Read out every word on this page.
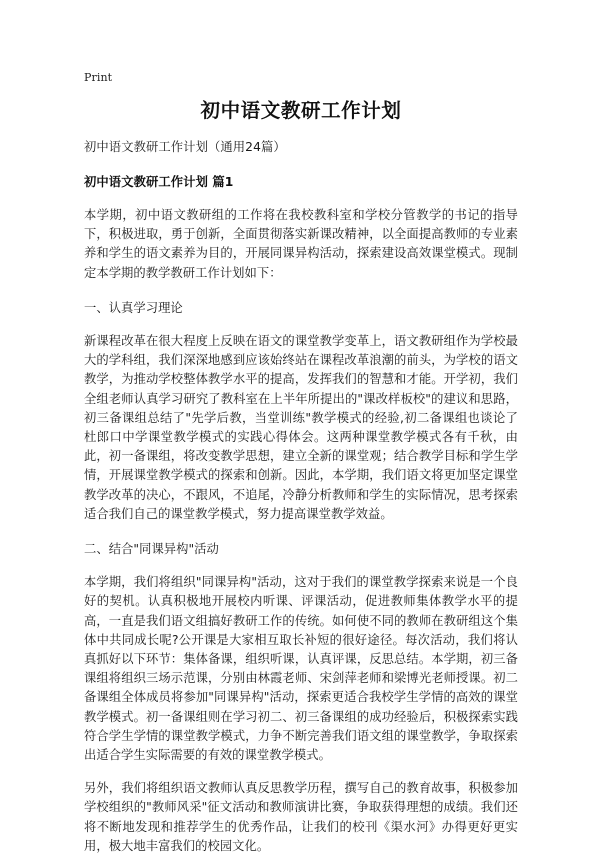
Print
初中语文教研工作计划
初中语文教研工作计划（通用24篇）
初中语文教研工作计划 篇1
本学期，初中语文教研组的工作将在我校教科室和学校分管教学的书记的指导下，积极进取，勇于创新，全面贯彻落实新课改精神，以全面提高教师的专业素养和学生的语文素养为目的，开展同课异构活动，探索建设高效课堂模式。现制定本学期的教学教研工作计划如下：
一、认真学习理论
新课程改革在很大程度上反映在语文的课堂教学变革上，语文教研组作为学校最大的学科组，我们深深地感到应该始终站在课程改革浪潮的前头，为学校的语文教学，为推动学校整体教学水平的提高，发挥我们的智慧和才能。开学初，我们全组老师认真学习研究了教科室在上半年所提出的"课改样板校"的建议和思路，初三备课组总结了"先学后教，当堂训练"教学模式的经验,初二备课组也谈论了杜郎口中学课堂教学模式的实践心得体会。这两种课堂教学模式各有千秋，由此，初一备课组，将改变教学思想，建立全新的课堂观；结合教学目标和学生学情，开展课堂教学模式的探索和创新。因此，本学期，我们语文将更加坚定课堂教学改革的决心，不跟风，不追尾，冷静分析教师和学生的实际情况，思考探索适合我们自己的课堂教学模式，努力提高课堂教学效益。
二、结合"同课异构"活动
本学期，我们将组织"同课异构"活动，这对于我们的课堂教学探索来说是一个良好的契机。认真积极地开展校内听课、评课活动，促进教师集体教学水平的提高，一直是我们语文组搞好教研工作的传统。如何使不同的教师在教研组这个集体中共同成长呢?公开课是大家相互取长补短的很好途径。每次活动，我们将认真抓好以下环节：集体备课，组织听课，认真评课，反思总结。本学期，初三备课组将组织三场示范课，分别由林霞老师、宋剑萍老师和梁博光老师授课。初二备课组全体成员将参加"同课异构"活动，探索更适合我校学生学情的高效的课堂教学模式。初一备课组则在学习初二、初三备课组的成功经验后，积极探索实践符合学生学情的课堂教学模式，力争不断完善我们语文组的课堂教学，争取探索出适合学生实际需要的有效的课堂教学模式。
另外，我们将组织语文教师认真反思教学历程，撰写自己的教育故事，积极参加学校组织的"教师风采"征文活动和教师演讲比赛，争取获得理想的成绩。我们还将不断地发现和推荐学生的优秀作品，让我们的校刊《渠水河》办得更好更实用，极大地丰富我们的校园文化。
